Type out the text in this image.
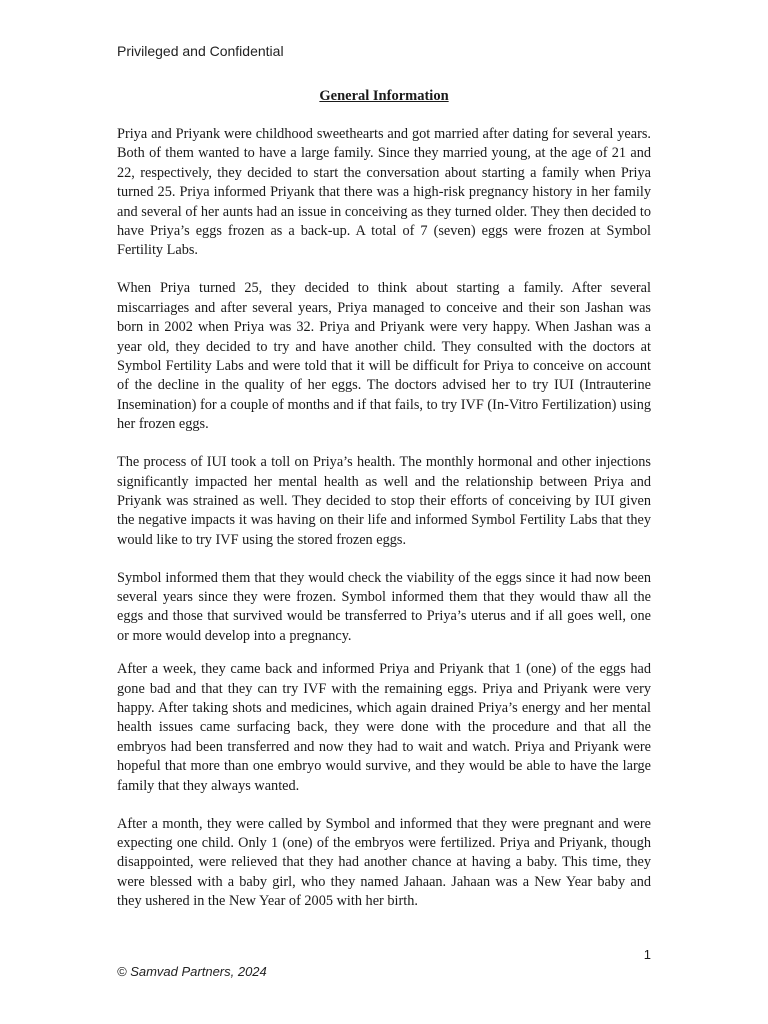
Privileged and Confidential
General Information

Priya and Priyank were childhood sweethearts and got married after dating for several years. Both of them wanted to have a large family. Since they married young, at the age of 21 and 22, respectively, they decided to start the conversation about starting a family when Priya turned 25. Priya informed Priyank that there was a high-risk pregnancy history in her family and several of her aunts had an issue in conceiving as they turned older. They then decided to have Priya’s eggs frozen as a back-up. A total of 7 (seven) eggs were frozen at Symbol Fertility Labs.

When Priya turned 25, they decided to think about starting a family. After several miscarriages and after several years, Priya managed to conceive and their son Jashan was born in 2002 when Priya was 32. Priya and Priyank were very happy. When Jashan was a year old, they decided to try and have another child. They consulted with the doctors at Symbol Fertility Labs and were told that it will be difficult for Priya to conceive on account of the decline in the quality of her eggs. The doctors advised her to try IUI (Intrauterine Insemination) for a couple of months and if that fails, to try IVF (In-Vitro Fertilization) using her frozen eggs.

The process of IUI took a toll on Priya’s health. The monthly hormonal and other injections significantly impacted her mental health as well and the relationship between Priya and Priyank was strained as well. They decided to stop their efforts of conceiving by IUI given the negative impacts it was having on their life and informed Symbol Fertility Labs that they would like to try IVF using the stored frozen eggs.

Symbol informed them that they would check the viability of the eggs since it had now been several years since they were frozen. Symbol informed them that they would thaw all the eggs and those that survived would be transferred to Priya’s uterus and if all goes well, one or more would develop into a pregnancy.

After a week, they came back and informed Priya and Priyank that 1 (one) of the eggs had gone bad and that they can try IVF with the remaining eggs. Priya and Priyank were very happy. After taking shots and medicines, which again drained Priya’s energy and her mental health issues came surfacing back, they were done with the procedure and that all the embryos had been transferred and now they had to wait and watch. Priya and Priyank were hopeful that more than one embryo would survive, and they would be able to have the large family that they always wanted.

After a month, they were called by Symbol and informed that they were pregnant and were expecting one child. Only 1 (one) of the embryos were fertilized. Priya and Priyank, though disappointed, were relieved that they had another chance at having a baby. This time, they were blessed with a baby girl, who they named Jahaan. Jahaan was a New Year baby and they ushered in the New Year of 2005 with her birth.

1
© Samvad Partners, 2024
